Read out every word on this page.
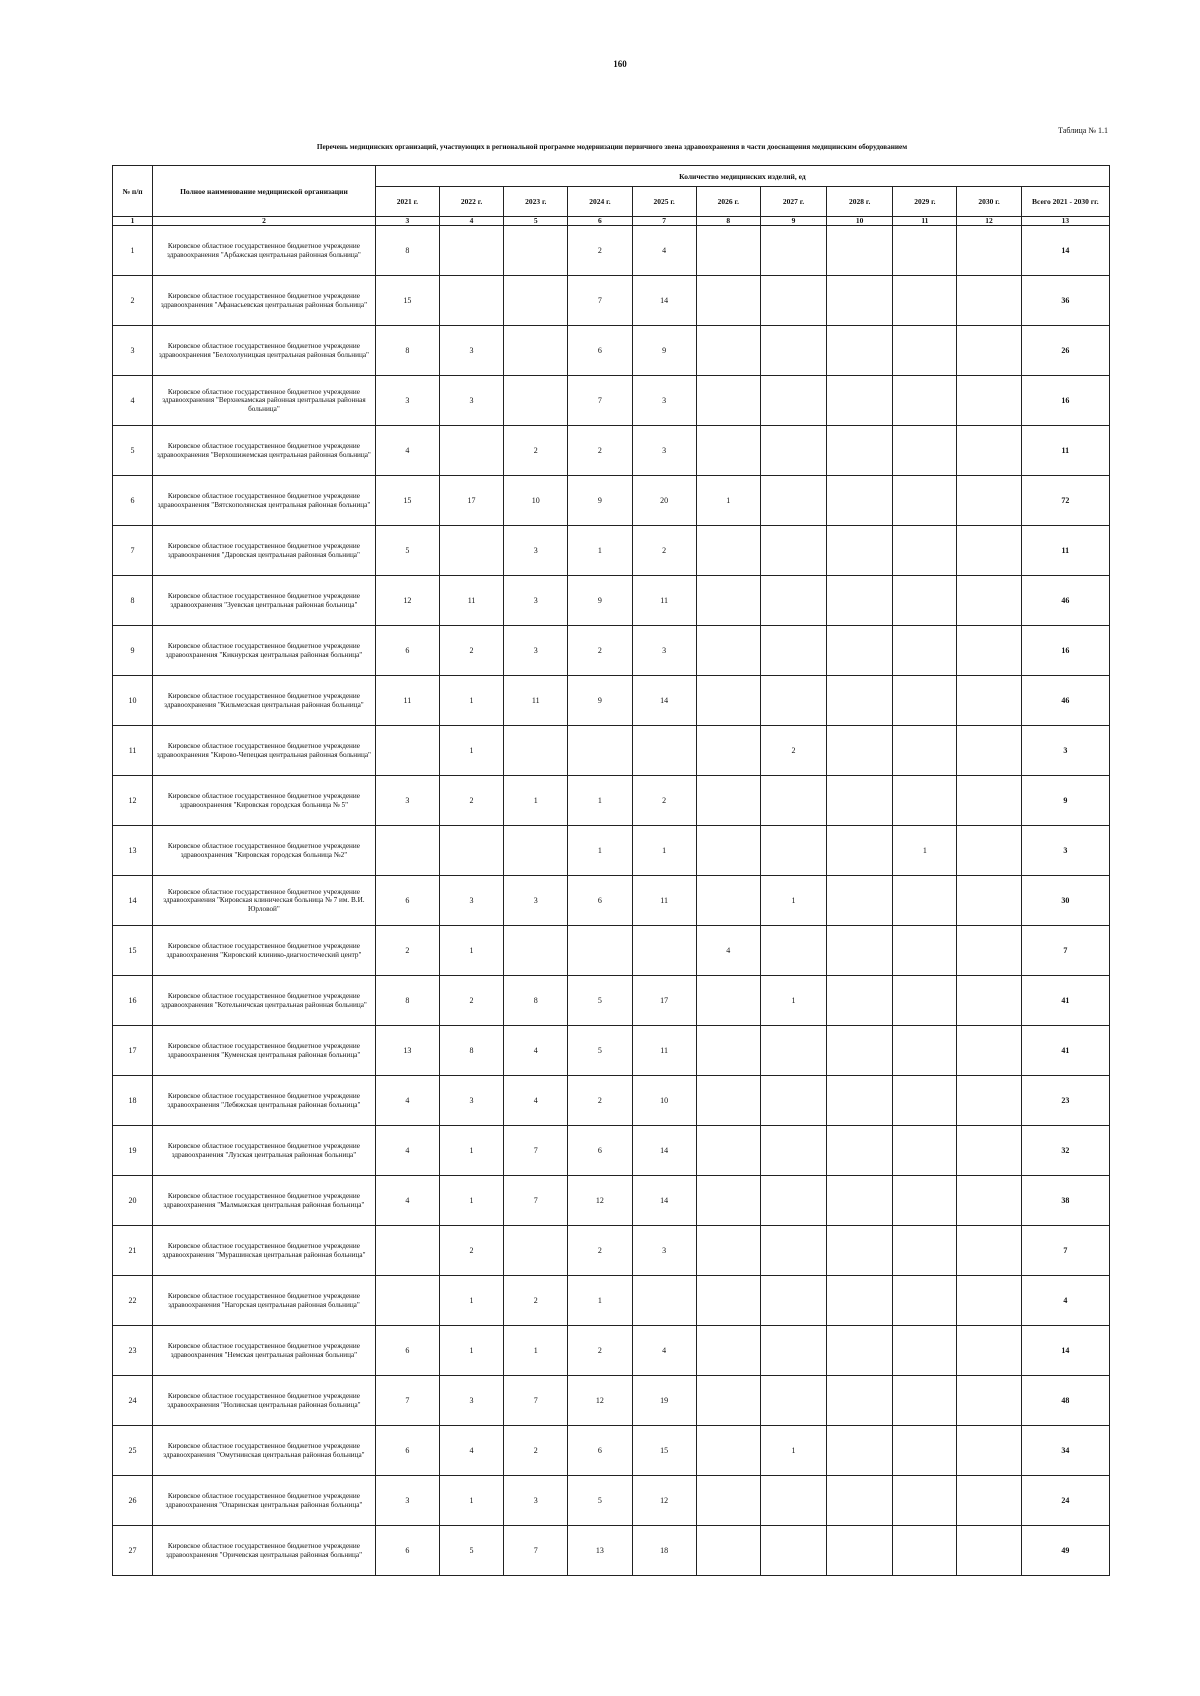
160
Таблица № 1.1
Перечень медицинских организаций, участвующих в региональной программе модернизации первичного звена здравоохранения в части дооснащения медицинским оборудованием
№ п/п	Полное наименование медицинской организации	Количество медицинских изделий, ед										
		2021 г.	2022 г.	2023 г.	2024 г.	2025 г.	2026 г.	2027 г.	2028 г.	2029 г.	2030 г.	Всего 2021 - 2030 гг.
1	2	3	4	5	6	7	8	9	10	11	12	13
1	Кировское областное государственное бюджетное учреждение здравоохранения "Арбажская центральная районная больница"	8			2	4						14
2	Кировское областное государственное бюджетное учреждение здравоохранения "Афанасьевская центральная районная больница"	15			7	14						36
3	Кировское областное государственное бюджетное учреждение здравоохранения "Белохолуницкая центральная районная больница"	8	3		6	9						26
4	Кировское областное государственное бюджетное учреждение здравоохранения "Верхнекамская районная центральная районная больница"	3	3		7	3						16
5	Кировское областное государственное бюджетное учреждение здравоохранения "Верхошижемская центральная районная больница"	4		2	2	3						11
6	Кировское областное государственное бюджетное учреждение здравоохранения "Вятскополянская центральная районная больница"	15	17	10	9	20	1					72
7	Кировское областное государственное бюджетное учреждение здравоохранения "Даровская центральная районная больница"	5		3	1	2						11
8	Кировское областное государственное бюджетное учреждение здравоохранения "Зуевская центральная районная больница"	12	11	3	9	11						46
9	Кировское областное государственное бюджетное учреждение здравоохранения "Кикнурская центральная районная больница"	6	2	3	2	3						16
10	Кировское областное государственное бюджетное учреждение здравоохранения "Кильмезская центральная районная больница"	11	1	11	9	14						46
11	Кировское областное государственное бюджетное учреждение здравоохранения "Кирово-Чепецкая центральная районная больница"		1					2				3
12	Кировское областное государственное бюджетное учреждение здравоохранения "Кировская городская больница № 5"	3	2	1	1	2						9
13	Кировское областное государственное бюджетное учреждение здравоохранения "Кировская городская больница №2"				1	1				1		3
14	Кировское областное государственное бюджетное учреждение здравоохранения "Кировская клиническая больница № 7 им. В.И. Юрловой"	6	3	3	6	11		1				30
15	Кировское областное государственное бюджетное учреждение здравоохранения "Кировский клинико-диагностический центр"	2	1				4					7
16	Кировское областное государственное бюджетное учреждение здравоохранения "Котельничская центральная районная больница"	8	2	8	5	17		1				41
17	Кировское областное государственное бюджетное учреждение здравоохранения "Куменская центральная районная больница"	13	8	4	5	11						41
18	Кировское областное государственное бюджетное учреждение здравоохранения "Лебяжская центральная районная больница"	4	3	4	2	10						23
19	Кировское областное государственное бюджетное учреждение здравоохранения "Лузская центральная районная больница"	4	1	7	6	14						32
20	Кировское областное государственное бюджетное учреждение здравоохранения "Малмыжская центральная районная больница"	4	1	7	12	14						38
21	Кировское областное государственное бюджетное учреждение здравоохранения "Мурашинская центральная районная больница"		2		2	3						7
22	Кировское областное государственное бюджетное учреждение здравоохранения "Нагорская центральная районная больница"		1	2	1							4
23	Кировское областное государственное бюджетное учреждение здравоохранения "Немская центральная районная больница"	6	1	1	2	4						14
24	Кировское областное государственное бюджетное учреждение здравоохранения "Нолинская центральная районная больница"	7	3	7	12	19						48
25	Кировское областное государственное бюджетное учреждение здравоохранения "Омутнинская центральная районная больница"	6	4	2	6	15		1				34
26	Кировское областное государственное бюджетное учреждение здравоохранения "Опаринская центральная районная больница"	3	1	3	5	12						24
27	Кировское областное государственное бюджетное учреждение здравоохранения "Оричевская центральная районная больница"	6	5	7	13	18						49
